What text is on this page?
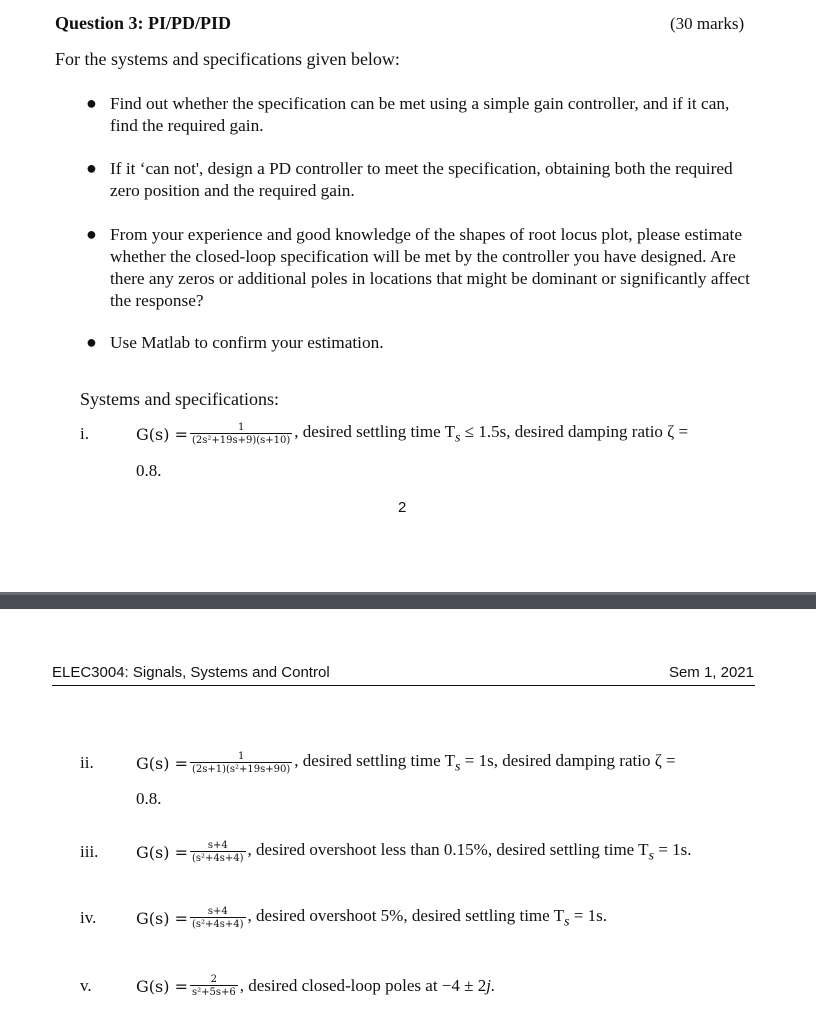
Question 3: PI/PD/PID	(30 marks)
For the systems and specifications given below:
● Find out whether the specification can be met using a simple gain controller, and if it can, find the required gain.
● If it ‘can not', design a PD controller to meet the specification, obtaining both the required zero position and the required gain.
● From your experience and good knowledge of the shapes of root locus plot, please estimate whether the closed-loop specification will be met by the controller you have designed. Are there any zeros or additional poles in locations that might be dominant or significantly affect the response?
● Use Matlab to confirm your estimation.
Systems and specifications:
i.	$G(s) = \frac{1}{\text{(2s²+19s+9)(s+10)}}$ , desired settling time $T_s \le 1.5s$, desired damping ratio ζ =
0.8.
2
ELEC3004: Signals, Systems and Control	Sem 1, 2021
ii.	$G(s) = \frac{1}{\text{(2s+1)(s²+19s+90)}}$ , desired settling time $T_s = 1s$, desired damping ratio ζ =
0.8.
iii.	$G(s) = \frac{s+4}{\text{(s²+4s+4)}}$ , desired overshoot less than 0.15%, desired settling time $T_s = 1s$.
iv.	$G(s) = \frac{s+4}{\text{(s²+4s+4)}}$ , desired overshoot 5%, desired settling time $T_s = 1s$.
v.	$G(s) = \frac{2}{\text{s²+5s+6}}$ , desired closed-loop poles at −4 ± 2j.
